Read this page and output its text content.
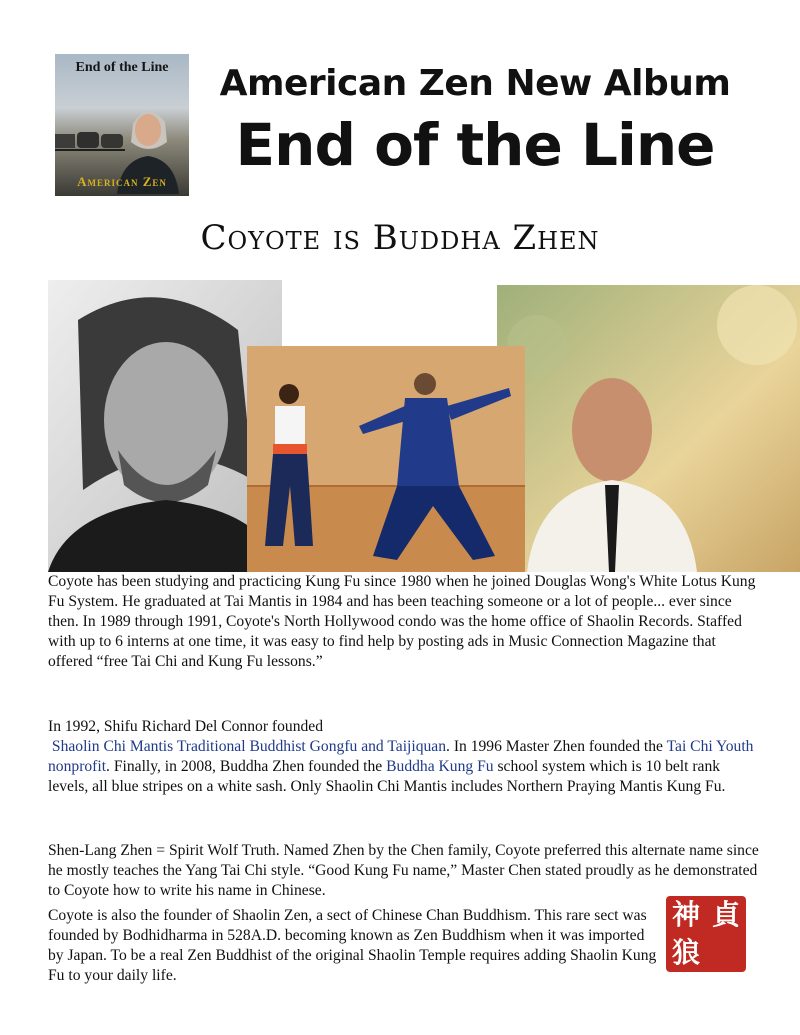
End of the Line
American Zen
American Zen New Album
End of the Line
Coyote is Buddha Zhen
Coyote has been studying and practicing Kung Fu since 1980 when he joined Douglas Wong's White Lotus Kung Fu System. He graduated at Tai Mantis in 1984 and has been teaching someone or a lot of people... ever since then. In 1989 through 1991, Coyote's North Hollywood condo was the home office of Shaolin Records. Staffed with up to 6 interns at one time, it was easy to find help by posting ads in Music Connection Magazine that offered “free Tai Chi and Kung Fu lessons.”
In 1992, Shifu Richard Del Connor founded
Shaolin Chi Mantis Traditional Buddhist Gongfu and Taijiquan. In 1996 Master Zhen founded the Tai Chi Youth nonprofit. Finally, in 2008, Buddha Zhen founded the Buddha Kung Fu school system which is 10 belt rank levels, all blue stripes on a white sash. Only Shaolin Chi Mantis includes Northern Praying Mantis Kung Fu.
Shen-Lang Zhen = Spirit Wolf Truth. Named Zhen by the Chen family, Coyote preferred this alternate name since he mostly teaches the Yang Tai Chi style. “Good Kung Fu name,” Master Chen stated proudly as he demonstrated to Coyote how to write his name in Chinese.
Coyote is also the founder of Shaolin Zen, a sect of Chinese Chan Buddhism. This rare sect was founded by Bodhidharma in 528A.D. becoming known as Zen Buddhism when it was imported by Japan. To be a real Zen Buddhist of the original Shaolin Temple requires adding Shaolin Kung Fu to your daily life.
神 貞
狼
